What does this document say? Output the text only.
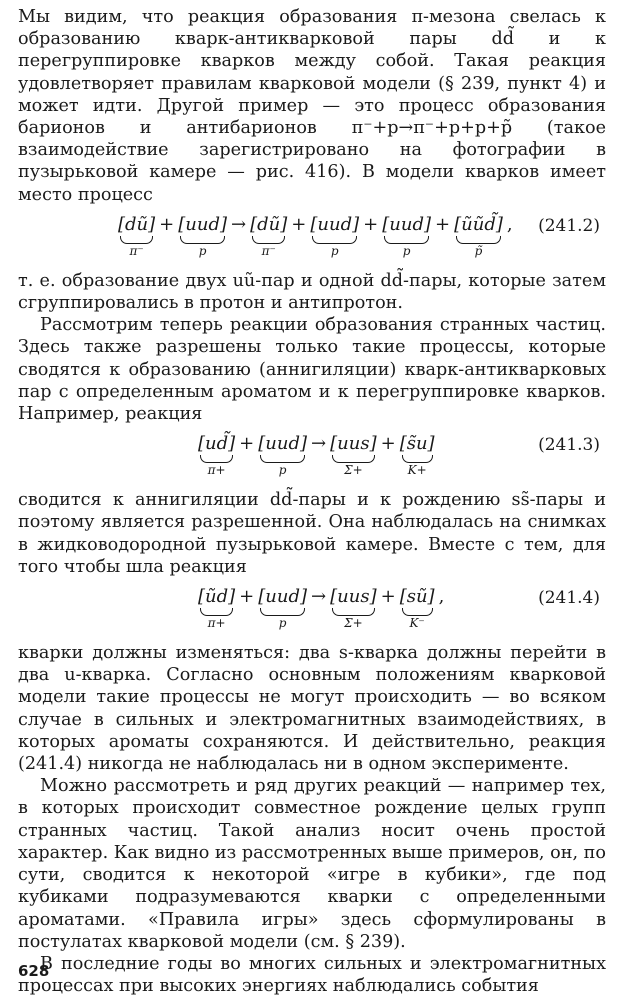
Мы видим, что реакция образования π-мезона свелась к образованию кварк-антикварковой пары dd̃ и к перегруппировке кварков между собой. Такая реакция удовлетворяет правилам кварковой модели (§ 239, пункт 4) и может идти. Другой пример — это процесс образования барионов и антибарионов π⁻+p→π⁻+p+p+p̃ (такое взаимодействие зарегистрировано на фотографии в пузырьковой камере — рис. 416). В модели кварков имеет место процесс

[dũ]
π⁻
+ [uud]
p
→ [dũ]
π⁻
+ [uud]
p
+ [uud]
p
+ [ũũd̃]
p̃
, (241.2)

т. е. образование двух uũ-пар и одной dd̃-пары, которые затем сгруппировались в протон и антипротон.

Рассмотрим теперь реакции образования странных частиц. Здесь также разрешены только такие процессы, которые сводятся к образованию (аннигиляции) кварк-антикварковых пар с определенным ароматом и к перегруппировке кварков. Например, реакция

[ud̃]
π+
+ [uud]
p
→ [uus]
Σ+
+ [s̃u]
K+
(241.3)

сводится к аннигиляции dd̃-пары и к рождению ss̃-пары и поэтому является разрешенной. Она наблюдалась на снимках в жидководородной пузырьковой камере. Вместе с тем, для того чтобы шла реакция

[ũd]
π+
+ [uud]
p
→ [uus]
Σ+
+ [sũ]
K⁻
,	(241.4)

кварки должны изменяться: два s-кварка должны перейти в два u-кварка. Согласно основным положениям кварковой модели такие процессы не могут происходить — во всяком случае в сильных и электромагнитных взаимодействиях, в которых ароматы сохраняются. И действительно, реакция (241.4) никогда не наблюдалась ни в одном эксперименте.

Можно рассмотреть и ряд других реакций — например тех, в которых происходит совместное рождение целых групп странных частиц. Такой анализ носит очень простой характер. Как видно из рассмотренных выше примеров, он, по сути, сводится к некоторой «игре в кубики», где под кубиками подразумеваются кварки с определенными ароматами. «Правила игры» здесь сформулированы в постулатах кварковой модели (см. § 239).

В последние годы во многих сильных и электромагнитных процессах при высоких энергиях наблюдались события

628
